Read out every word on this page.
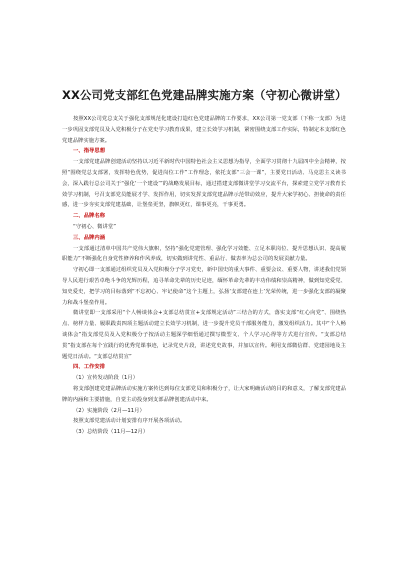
XX公司党支部红色党建品牌实施方案（守初心微讲堂）

按照XX公司党总支关于强化支部规范化建设打造红色党建品牌的工作要求，XX公司第一党支部（下称一支部）为进一步巩固支部党员及入党积极分子在党史学习教育成果，建立长效学习机制，紧密围绕支部工作实际，特制定本支部红色党建品牌实施方案。

一、指导思想

一支部党建品牌创建活动坚持以习近平新时代中国特色社会主义思想为指导，全面学习贯彻十九届四中全会精神，按照“围绕党总支部署，发挥特色优势，促进岗位工作”工作理念，依托支部“三会一课”，主要党日活动、马克思主义读书会，深入践行总公司关于“强化‘一个建设’”的战略发展目标，通过搭建支部微讲堂学习交流平台，探索建立党学习教育长效学习机制，号召支部党员能展才学、发挥作用，切实发挥支部党建品牌示范带动效应，提升大家学初心、担使命的责任感，进一步夯实支部党建基础，让堡垒更坚，旗帜更红，课事更亮，干事更勇。

二、品牌名称

“守初心、微讲堂”

三、品牌内涵

一支部通过清单中国共产党伟大旗帜，坚持“强化党建管理、强化学习效能、立足本职岗位、提升思想认识、提高履职能力”不断强化自身党性修养和作风养成，切实做到讲党性、重品行、做表率为总公司的发展贡献力量。

守初心即一支部通过组织党员及入党积极分子学习党史，新中国史的重大事件、重要会议、重要人物，讲述我们党领导人民进行艰苦卓绝斗争的光辉历程，追寻革命先辈的历史足迹，缅怀革命先辈的丰功伟绩和崇高精神，做到知党爱党、知史爱史，把学习的目标落到“不忘初心、牢记使命”这个主题上，弘扬‘支部建在连上’光荣传统，进一步强化支部的凝聚力和战斗堡垒作用。

微讲堂即一支部采用“个人畅谈体会+支部总结贯宣+支部规定活动”三结合的方式，落实支部“红心向党”、围绕热点、榜样力量、履职践责四项主题活动建立长效学习机制，进一步提升党员干部服务能力，激发组织活力。其中“个人畅谈体会”指支部党员及入党积极分子按活动主题深学细悟通过撰写微型文、个人学习心得等方式进行宣传。“支部总结贯”指支部在每个宣践行的优秀党课事迹，记录党史片段，讲述党史故事，并加以宣传。利用支部微信群、党建园地及主题党日活动。“支部总结贯宣”

四、工作安排

（1）宣传发动阶段（1月）

将支部创建党建品牌活动实施方案传达到每位支部党员和积极分子，让大家明确活动的目的和意义，了解支部党建品牌的内涵和主要措施，自觉主动投身到支部品牌创建活动中来。

（2）实施阶段（2月—11月）

按照支部党建活动计划安排有序开展各项活动。

（3）总结阶段（11月—12月）
